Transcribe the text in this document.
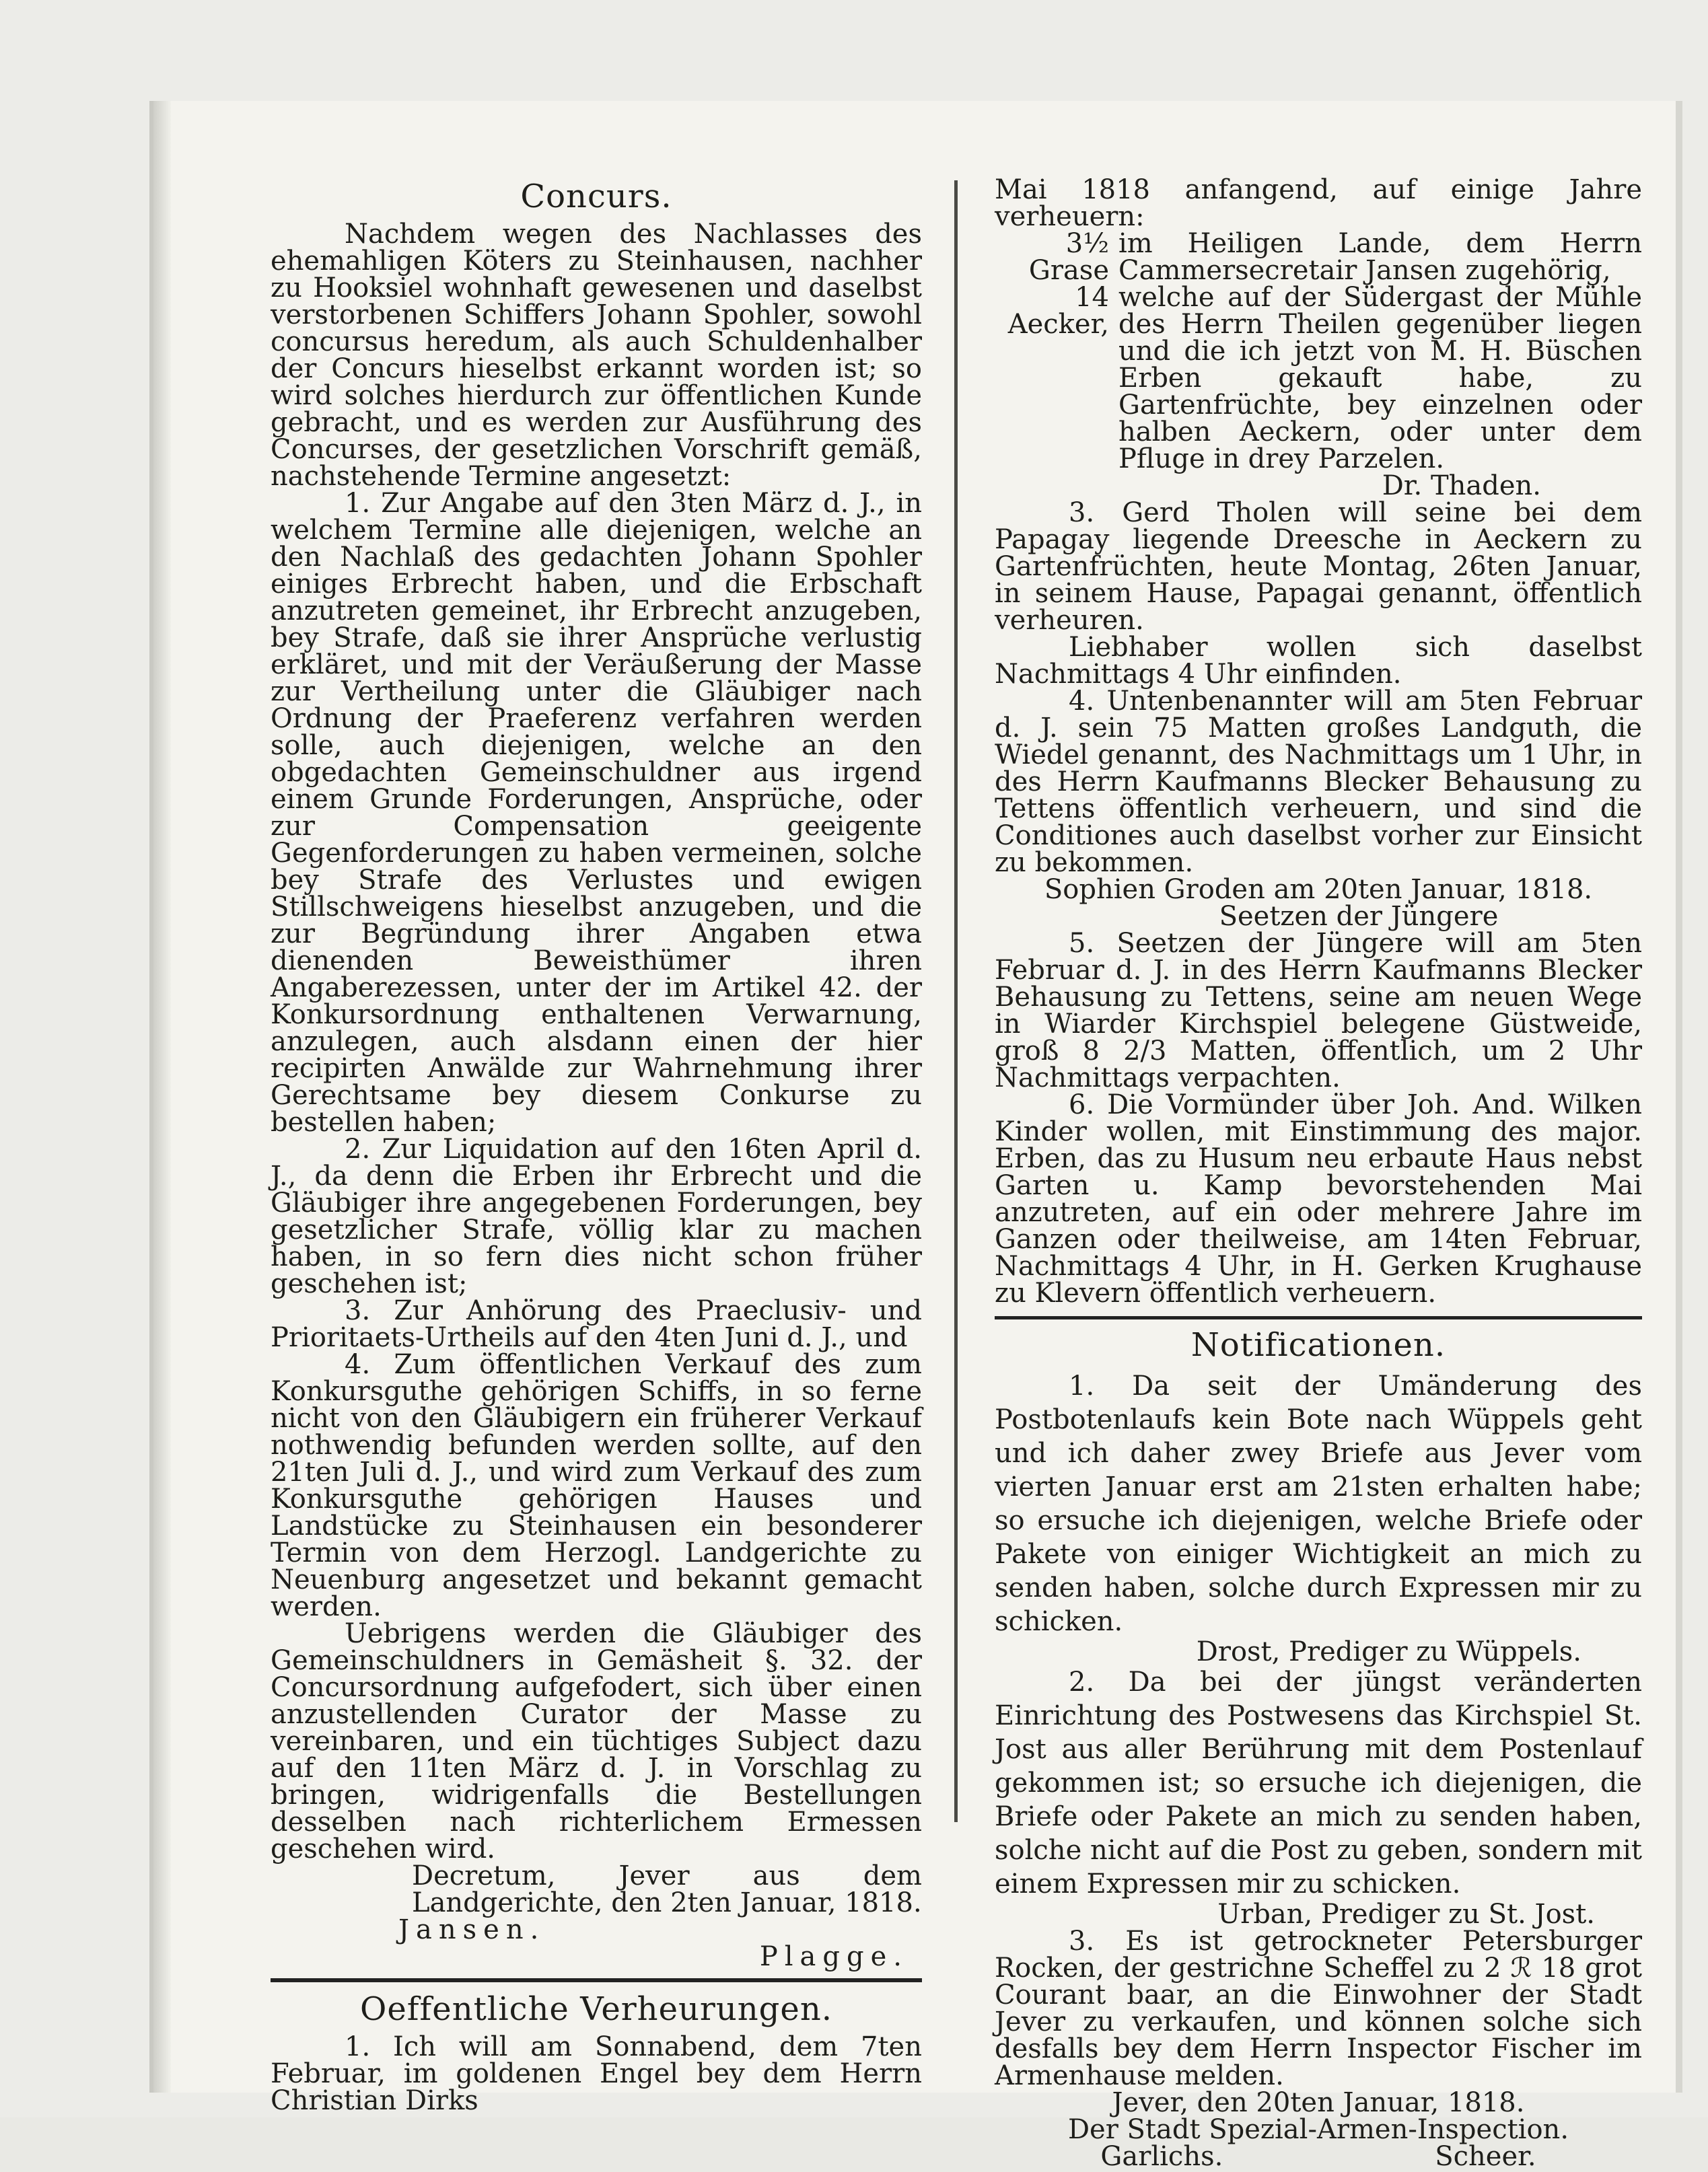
Concurs.

Nachdem wegen des Nachlasses des ehemahligen Köters zu Steinhausen, nachher zu Hooksiel wohnhaft gewesenen und daselbst verstorbenen Schiffers Johann Spohler, sowohl concursus heredum, als auch Schuldenhalber der Concurs hieselbst erkannt worden ist; so wird solches hierdurch zur öffentlichen Kunde gebracht, und es werden zur Ausführung des Concurses, der gesetzlichen Vorschrift gemäß, nachstehende Termine angesetzt:

1. Zur Angabe auf den 3ten März d. J., in welchem Termine alle diejenigen, welche an den Nachlaß des gedachten Johann Spohler einiges Erbrecht haben, und die Erbschaft anzutreten gemeinet, ihr Erbrecht anzugeben, bey Strafe, daß sie ihrer Ansprüche verlustig erkläret, und mit der Veräußerung der Masse zur Vertheilung unter die Gläubiger nach Ordnung der Praeferenz verfahren werden solle, auch diejenigen, welche an den obgedachten Gemeinschuldner aus irgend einem Grunde Forderungen, Ansprüche, oder zur Compensation geeigente Gegenforderungen zu haben vermeinen, solche bey Strafe des Verlustes und ewigen Stillschweigens hieselbst anzugeben, und die zur Begründung ihrer Angaben etwa dienenden Beweisthümer ihren Angaberezessen, unter der im Artikel 42. der Konkursordnung enthaltenen Verwarnung, anzulegen, auch alsdann einen der hier recipirten Anwälde zur Wahrnehmung ihrer Gerechtsame bey diesem Conkurse zu bestellen haben;

2. Zur Liquidation auf den 16ten April d. J., da denn die Erben ihr Erbrecht und die Gläubiger ihre angegebenen Forderungen, bey gesetzlicher Strafe, völlig klar zu machen haben, in so fern dies nicht schon früher geschehen ist;

3. Zur Anhörung des Praeclusiv- und Prioritaets-Urtheils auf den 4ten Juni d. J., und

4. Zum öffentlichen Verkauf des zum Konkursguthe gehörigen Schiffs, in so ferne nicht von den Gläubigern ein früherer Verkauf nothwendig befunden werden sollte, auf den 21ten Juli d. J., und wird zum Verkauf des zum Konkursguthe gehörigen Hauses und Landstücke zu Steinhausen ein besonderer Termin von dem Herzogl. Landgerichte zu Neuenburg angesetzet und bekannt gemacht werden.

Uebrigens werden die Gläubiger des Gemeinschuldners in Gemäsheit §. 32. der Concursordnung aufgefodert, sich über einen anzustellenden Curator der Masse zu vereinbaren, und ein tüchtiges Subject dazu auf den 11ten März d. J. in Vorschlag zu bringen, widrigenfalls die Bestellungen desselben nach richterlichem Ermessen geschehen wird.

Decretum, Jever aus dem Landgerichte, den 2ten Januar, 1818.

Jansen.

Plagge.

Oeffentliche Verheurungen.

1. Ich will am Sonnabend, dem 7ten Februar, im goldenen Engel bey dem Herrn Christian Dirks

Mai 1818 anfangend, auf einige Jahre verheuern:

3½ Grase
im Heiligen Lande, dem Herrn Cammersecretair Jansen zugehörig,
14 Aecker,
welche auf der Südergast der Mühle des Herrn Theilen gegenüber liegen und die ich jetzt von M. H. Büschen Erben gekauft habe, zu Gartenfrüchte, bey einzelnen oder halben Aeckern, oder unter dem Pfluge in drey Parzelen.

Dr. Thaden.

3. Gerd Tholen will seine bei dem Papagay liegende Dreesche in Aeckern zu Gartenfrüchten, heute Montag, 26ten Januar, in seinem Hause, Papagai genannt, öffentlich verheuren.

Liebhaber wollen sich daselbst Nachmittags 4 Uhr einfinden.

4. Untenbenannter will am 5ten Februar d. J. sein 75 Matten großes Landguth, die Wiedel genannt, des Nachmittags um 1 Uhr, in des Herrn Kaufmanns Blecker Behausung zu Tettens öffentlich verheuern, und sind die Conditiones auch daselbst vorher zur Einsicht zu bekommen.

Sophien Groden am 20ten Januar, 1818.

Seetzen der Jüngere

5. Seetzen der Jüngere will am 5ten Februar d. J. in des Herrn Kaufmanns Blecker Behausung zu Tettens, seine am neuen Wege in Wiarder Kirchspiel belegene Güstweide, groß 8 2/3 Matten, öffentlich, um 2 Uhr Nachmittags verpachten.

6. Die Vormünder über Joh. And. Wilken Kinder wollen, mit Einstimmung des major. Erben, das zu Husum neu erbaute Haus nebst Garten u. Kamp bevorstehenden Mai anzutreten, auf ein oder mehrere Jahre im Ganzen oder theilweise, am 14ten Februar, Nachmittags 4 Uhr, in H. Gerken Krughause zu Klevern öffentlich verheuern.

Notificationen.

1. Da seit der Umänderung des Postbotenlaufs kein Bote nach Wüppels geht und ich daher zwey Briefe aus Jever vom vierten Januar erst am 21sten erhalten habe; so ersuche ich diejenigen, welche Briefe oder Pakete von einiger Wichtigkeit an mich zu senden haben, solche durch Expressen mir zu schicken.

Drost, Prediger zu Wüppels.

2. Da bei der jüngst veränderten Einrichtung des Postwesens das Kirchspiel St. Jost aus aller Berührung mit dem Postenlauf gekommen ist; so ersuche ich diejenigen, die Briefe oder Pakete an mich zu senden haben, solche nicht auf die Post zu geben, sondern mit einem Expressen mir zu schicken.

Urban, Prediger zu St. Jost.

3. Es ist getrockneter Petersburger Rocken, der gestrichne Scheffel zu 2 ℛ 18 grot Courant baar, an die Einwohner der Stadt Jever zu verkaufen, und können solche sich desfalls bey dem Herrn Inspector Fischer im Armenhause melden.

Jever, den 20ten Januar, 1818.

Der Stadt Spezial-Armen-Inspection.

Garlichs.	Scheer.
